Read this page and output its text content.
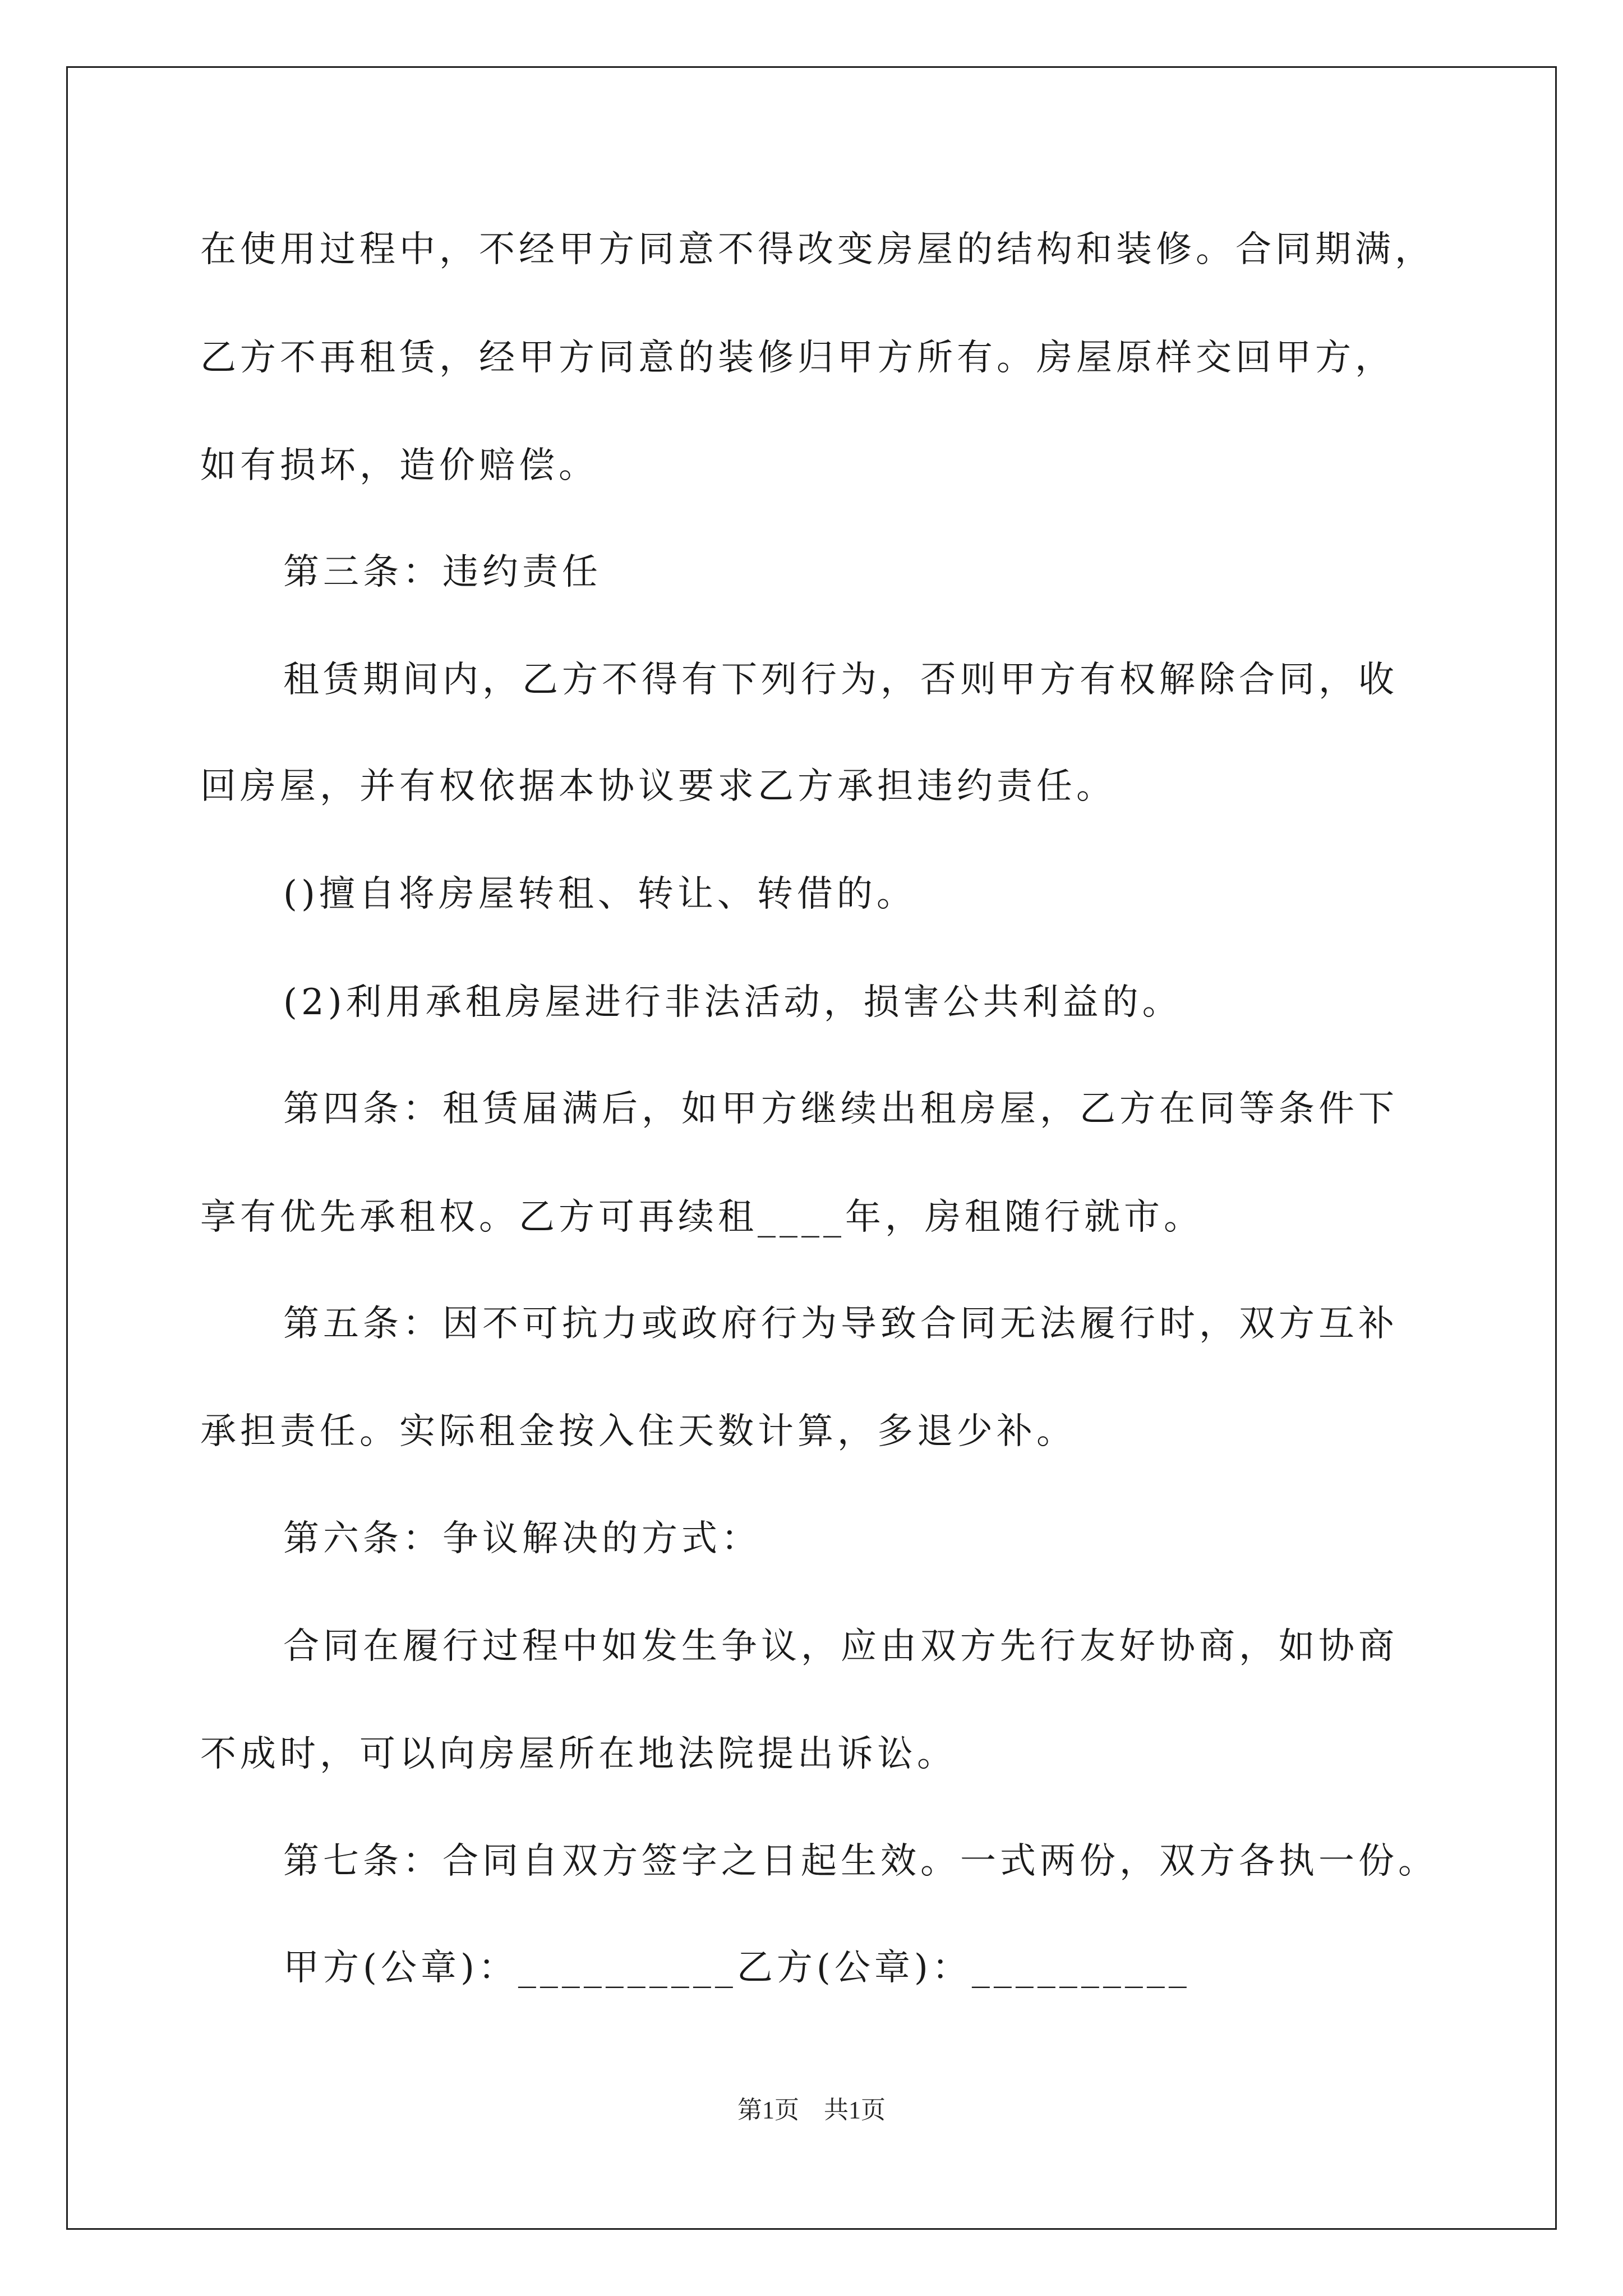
在使用过程中，不经甲方同意不得改变房屋的结构和装修。合同期满，
乙方不再租赁，经甲方同意的装修归甲方所有。房屋原样交回甲方，
如有损坏，造价赔偿。
第三条：违约责任
租赁期间内，乙方不得有下列行为，否则甲方有权解除合同，收
回房屋，并有权依据本协议要求乙方承担违约责任。
()擅自将房屋转租、转让、转借的。
(2)利用承租房屋进行非法活动，损害公共利益的。
第四条：租赁届满后，如甲方继续出租房屋，乙方在同等条件下
享有优先承租权。乙方可再续租____年，房租随行就市。
第五条：因不可抗力或政府行为导致合同无法履行时，双方互补
承担责任。实际租金按入住天数计算，多退少补。
第六条：争议解决的方式：
合同在履行过程中如发生争议，应由双方先行友好协商，如协商
不成时，可以向房屋所在地法院提出诉讼。
第七条：合同自双方签字之日起生效。一式两份，双方各执一份。
甲方(公章)：__________乙方(公章)：__________
第1页　共1页
